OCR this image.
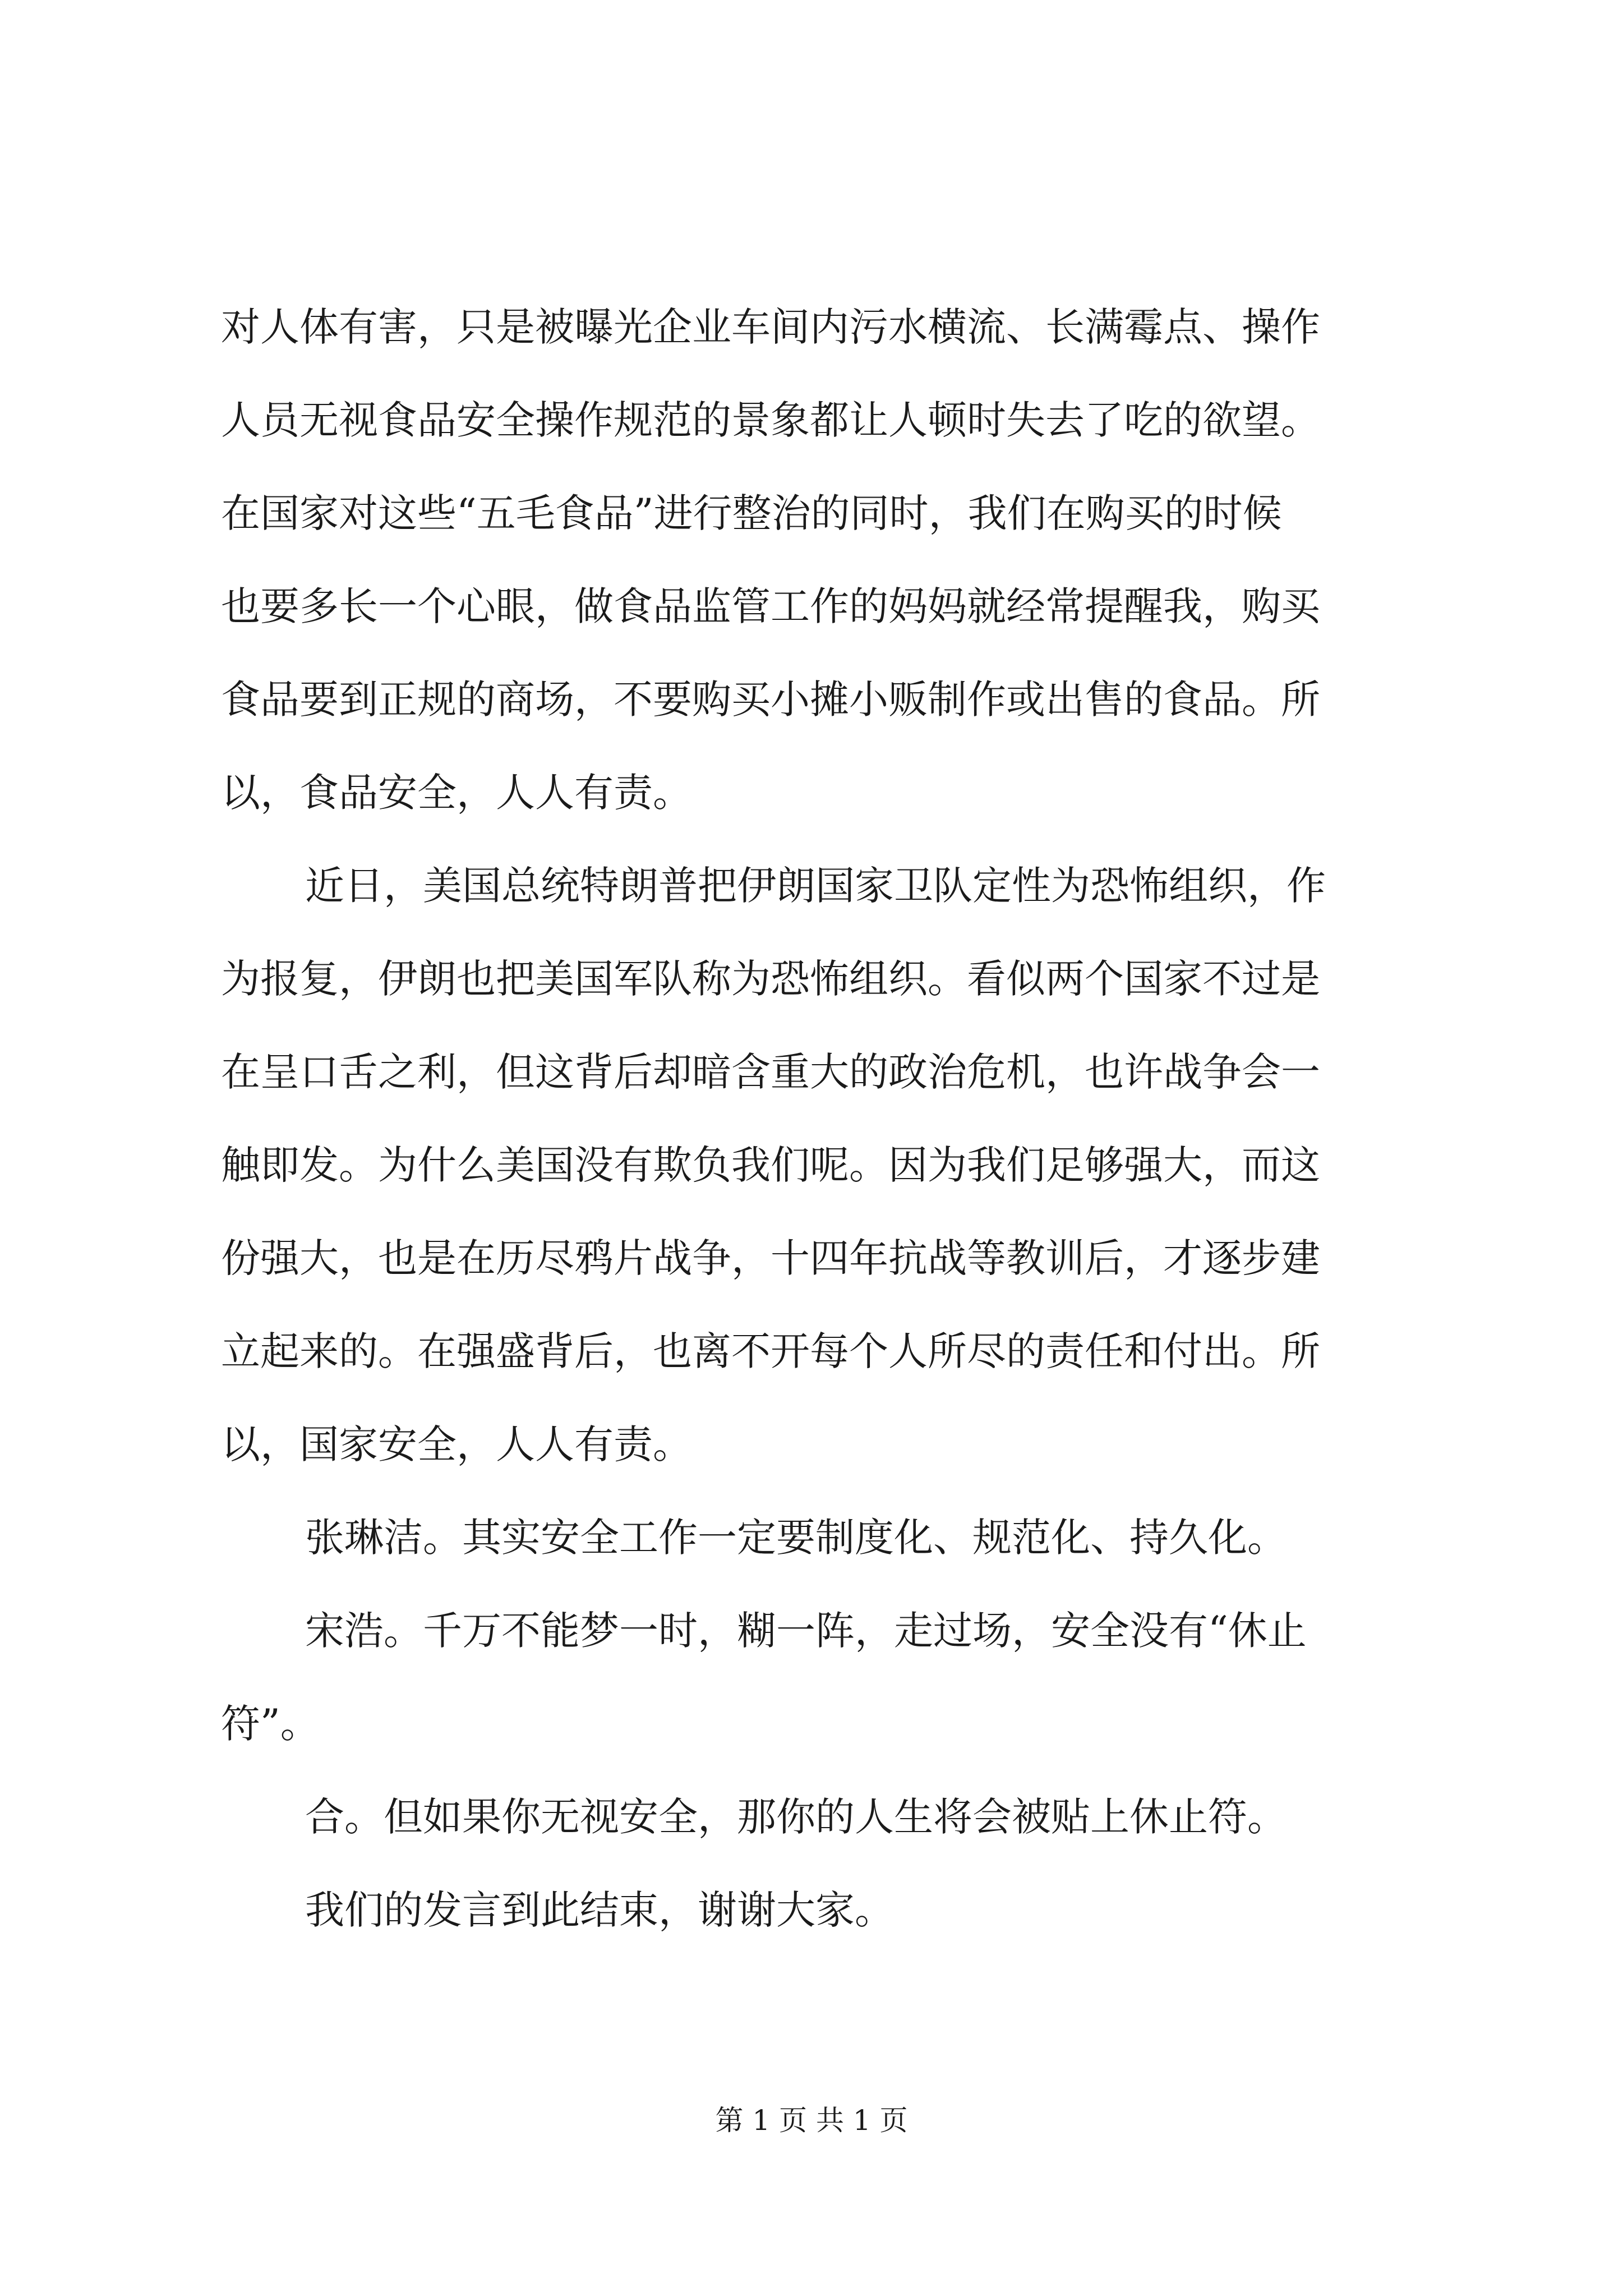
对人体有害，只是被曝光企业车间内污水横流、长满霉点、操作
人员无视食品安全操作规范的景象都让人顿时失去了吃的欲望。
在国家对这些“五毛食品”进行整治的同时，我们在购买的时候
也要多长一个心眼，做食品监管工作的妈妈就经常提醒我，购买
食品要到正规的商场，不要购买小摊小贩制作或出售的食品。所
以，食品安全，人人有责。
近日，美国总统特朗普把伊朗国家卫队定性为恐怖组织，作
为报复，伊朗也把美国军队称为恐怖组织。看似两个国家不过是
在呈口舌之利，但这背后却暗含重大的政治危机，也许战争会一
触即发。为什么美国没有欺负我们呢。因为我们足够强大，而这
份强大，也是在历尽鸦片战争，十四年抗战等教训后，才逐步建
立起来的。在强盛背后，也离不开每个人所尽的责任和付出。所
以，国家安全，人人有责。
张琳洁。其实安全工作一定要制度化、规范化、持久化。
宋浩。千万不能梦一时，糊一阵，走过场，安全没有“休止
符”。
合。但如果你无视安全，那你的人生将会被贴上休止符。
我们的发言到此结束，谢谢大家。
第 1 页 共 1 页
